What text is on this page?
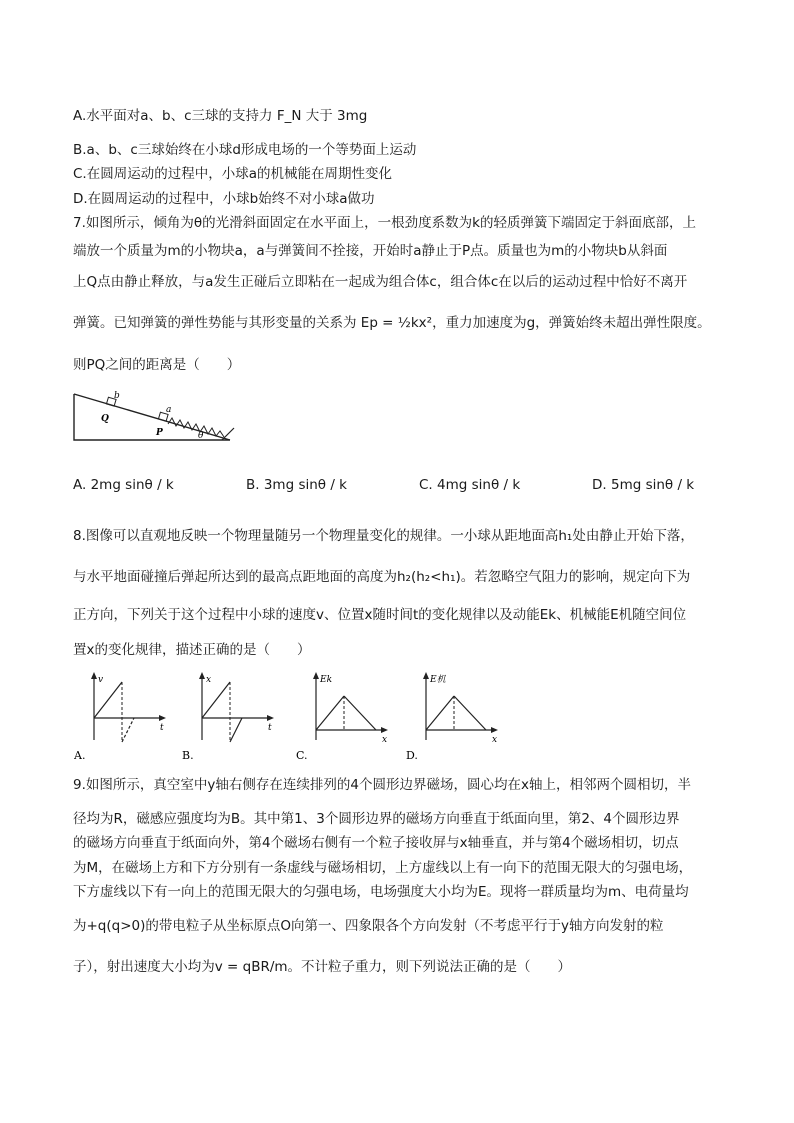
A.水平面对a、b、c三球的支持力 F_N 大于 3mg
B.a、b、c三球始终在小球d形成电场的一个等势面上运动
C.在圆周运动的过程中，小球a的机械能在周期性变化
D.在圆周运动的过程中，小球b始终不对小球a做功
7.如图所示，倾角为θ的光滑斜面固定在水平面上，一根劲度系数为k的轻质弹簧下端固定于斜面底部，上
端放一个质量为m的小物块a，a与弹簧间不拴接，开始时a静止于P点。质量也为m的小物块b从斜面
上Q点由静止释放，与a发生正碰后立即粘在一起成为组合体c，组合体c在以后的运动过程中恰好不离开
弹簧。已知弹簧的弹性势能与其形变量的关系为 Ep = ½kx²，重力加速度为g，弹簧始终未超出弹性限度。
则PQ之间的距离是（　　）
b
Q
a
P	θ
A. 2mg sinθ / k	B. 3mg sinθ / k	C. 4mg sinθ / k	D. 5mg sinθ / k
8.图像可以直观地反映一个物理量随另一个物理量变化的规律。一小球从距地面高h₁处由静止开始下落，
与水平地面碰撞后弹起所达到的最高点距地面的高度为h₂(h₂<h₁)。若忽略空气阻力的影响，规定向下为
正方向，下列关于这个过程中小球的速度v、位置x随时间t的变化规律以及动能Ek、机械能E机随空间位
置x的变化规律，描述正确的是（　　）
v
t
A.
x
t
B.
Ek
x
C.
E机
x
D.
9.如图所示，真空室中y轴右侧存在连续排列的4个圆形边界磁场，圆心均在x轴上，相邻两个圆相切，半
径均为R，磁感应强度均为B。其中第1、3个圆形边界的磁场方向垂直于纸面向里，第2、4个圆形边界
的磁场方向垂直于纸面向外，第4个磁场右侧有一个粒子接收屏与x轴垂直，并与第4个磁场相切，切点
为M，在磁场上方和下方分别有一条虚线与磁场相切，上方虚线以上有一向下的范围无限大的匀强电场，
下方虚线以下有一向上的范围无限大的匀强电场，电场强度大小均为E。现将一群质量均为m、电荷量均
为+q(q>0)的带电粒子从坐标原点O向第一、四象限各个方向发射（不考虑平行于y轴方向发射的粒
子），射出速度大小均为v = qBR/m。不计粒子重力，则下列说法正确的是（　　）
